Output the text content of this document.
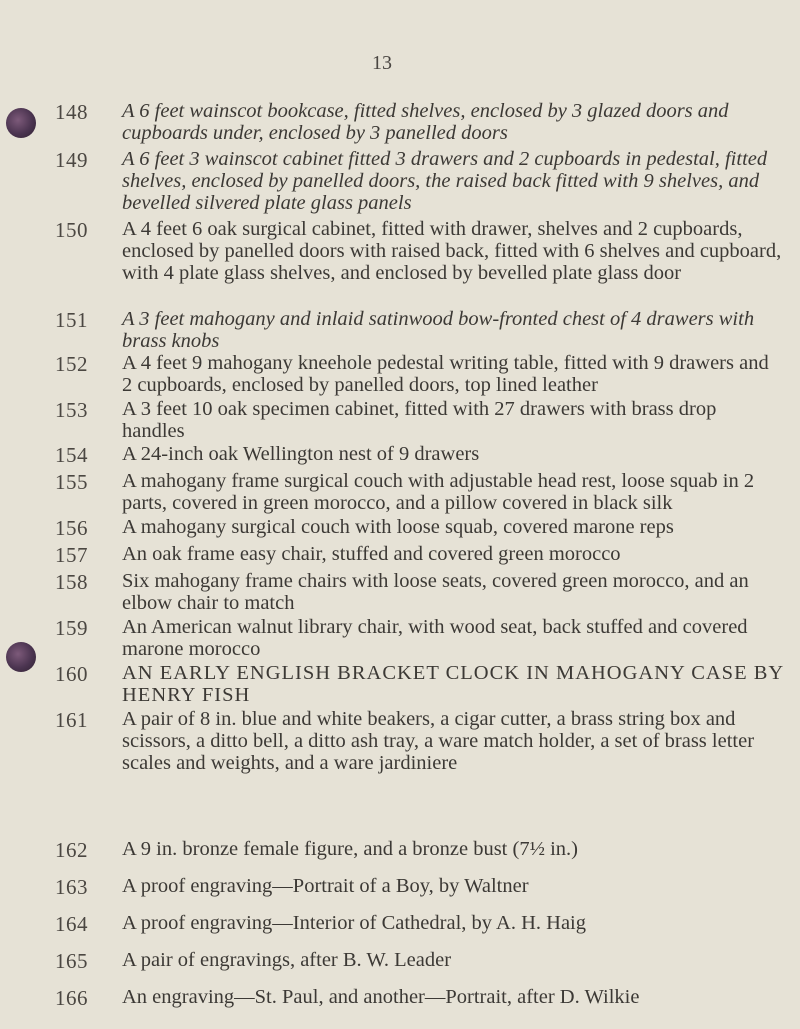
13
148	A 6 feet wainscot bookcase, fitted shelves, enclosed by 3 glazed doors and cupboards under, enclosed by 3 panelled doors
149	A 6 feet 3 wainscot cabinet fitted 3 drawers and 2 cupboards in pedestal, fitted shelves, enclosed by panelled doors, the raised back fitted with 9 shelves, and bevelled silvered plate glass panels
150	A 4 feet 6 oak surgical cabinet, fitted with drawer, shelves and 2 cupboards, enclosed by panelled doors with raised back, fitted with 6 shelves and cupboard, with 4 plate glass shelves, and enclosed by bevelled plate glass door
151	A 3 feet mahogany and inlaid satinwood bow-fronted chest of 4 drawers with brass knobs
152	A 4 feet 9 mahogany kneehole pedestal writing table, fitted with 9 drawers and 2 cupboards, enclosed by panelled doors, top lined leather
153	A 3 feet 10 oak specimen cabinet, fitted with 27 drawers with brass drop handles
154	A 24-inch oak Wellington nest of 9 drawers
155	A mahogany frame surgical couch with adjustable head rest, loose squab in 2 parts, covered in green morocco, and a pillow covered in black silk
156	A mahogany surgical couch with loose squab, covered marone reps
157	An oak frame easy chair, stuffed and covered green morocco
158	Six mahogany frame chairs with loose seats, covered green morocco, and an elbow chair to match
159	An American walnut library chair, with wood seat, back stuffed and covered marone morocco
160	AN EARLY ENGLISH BRACKET CLOCK IN MAHOGANY CASE BY HENRY FISH
161	A pair of 8 in. blue and white beakers, a cigar cutter, a brass string box and scissors, a ditto bell, a ditto ash tray, a ware match holder, a set of brass letter scales and weights, and a ware jardiniere
162	A 9 in. bronze female figure, and a bronze bust (7½ in.)
163	A proof engraving—Portrait of a Boy, by Waltner
164	A proof engraving—Interior of Cathedral, by A. H. Haig
165	A pair of engravings, after B. W. Leader
166	An engraving—St. Paul, and another—Portrait, after D. Wilkie
